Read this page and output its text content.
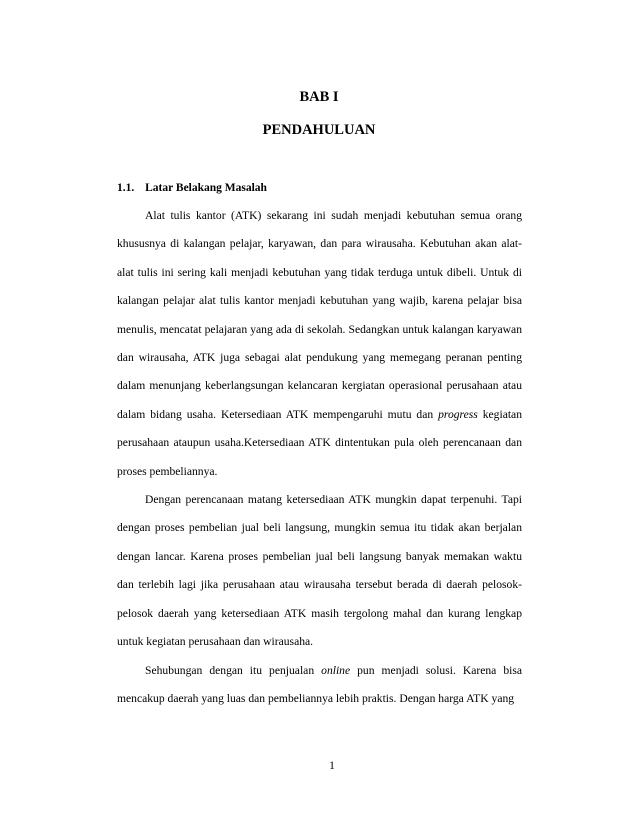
BAB I
PENDAHULUAN
1.1. Latar Belakang Masalah

Alat tulis kantor (ATK) sekarang ini sudah menjadi kebutuhan semua orang khususnya di kalangan pelajar, karyawan, dan para wirausaha. Kebutuhan akan alat-alat tulis ini sering kali menjadi kebutuhan yang tidak terduga untuk dibeli. Untuk di kalangan pelajar alat tulis kantor menjadi kebutuhan yang wajib, karena pelajar bisa menulis, mencatat pelajaran yang ada di sekolah. Sedangkan untuk kalangan karyawan dan wirausaha, ATK juga sebagai alat pendukung yang memegang peranan penting dalam menunjang keberlangsungan kelancaran kergiatan operasional perusahaan atau dalam bidang usaha. Ketersediaan ATK mempengaruhi mutu dan progress kegiatan perusahaan ataupun usaha.Ketersediaan ATK dintentukan pula oleh perencanaan dan proses pembeliannya.

Dengan perencanaan matang ketersediaan ATK mungkin dapat terpenuhi. Tapi dengan proses pembelian jual beli langsung, mungkin semua itu tidak akan berjalan dengan lancar. Karena proses pembelian jual beli langsung banyak memakan waktu dan terlebih lagi jika perusahaan atau wirausaha tersebut berada di daerah pelosok-pelosok daerah yang ketersediaan ATK masih tergolong mahal dan kurang lengkap untuk kegiatan perusahaan dan wirausaha.

Sehubungan dengan itu penjualan online pun menjadi solusi. Karena bisa mencakup daerah yang luas dan pembeliannya lebih praktis. Dengan harga ATK yang

1
